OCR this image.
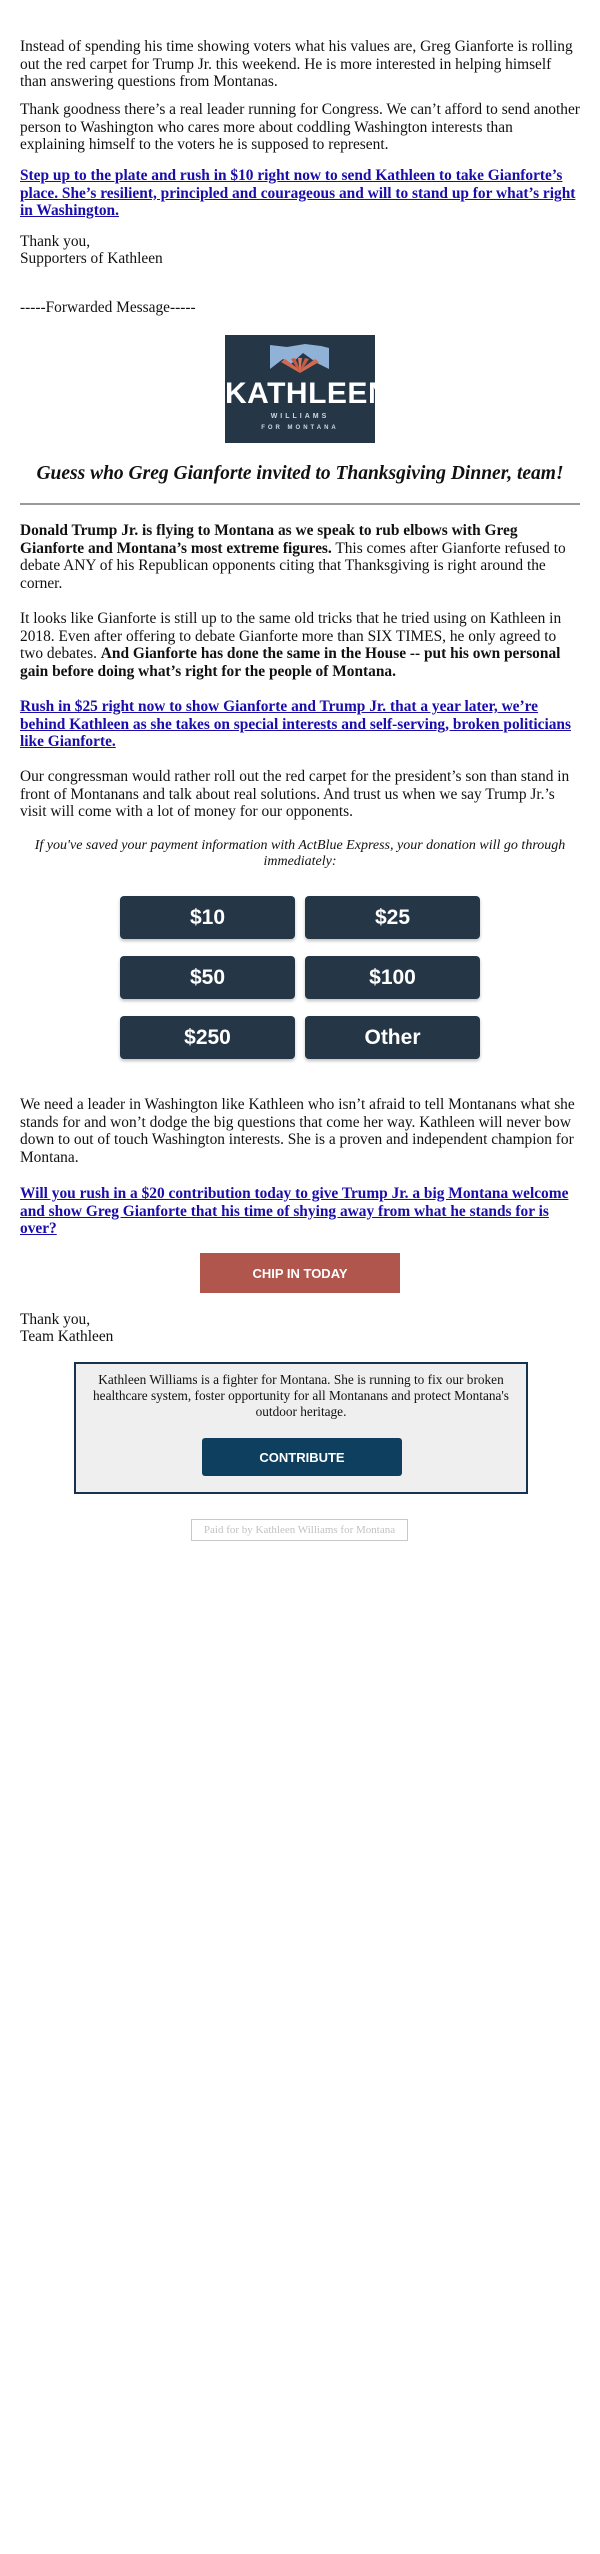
Instead of spending his time showing voters what his values are, Greg Gianforte is rolling out the red carpet for Trump Jr. this weekend. He is more interested in helping himself than answering questions from Montanas.

Thank goodness there’s a real leader running for Congress. We can’t afford to send another person to Washington who cares more about coddling Washington interests than explaining himself to the voters he is supposed to represent.

Step up to the plate and rush in $10 right now to send Kathleen to take Gianforte’s place. She’s resilient, principled and courageous and will to stand up for what’s right in Washington.

Thank you,

Supporters of Kathleen

-----Forwarded Message-----

KATHLEEN
WILLIAMS
FOR MONTANA
Guess who Greg Gianforte invited to Thanksgiving Dinner, team!

Donald Trump Jr. is flying to Montana as we speak to rub elbows with Greg Gianforte and Montana’s most extreme figures. This comes after Gianforte refused to debate ANY of his Republican opponents citing that Thanksgiving is right around the corner.

It looks like Gianforte is still up to the same old tricks that he tried using on Kathleen in 2018. Even after offering to debate Gianforte more than SIX TIMES, he only agreed to two debates. And Gianforte has done the same in the House -- put his own personal gain before doing what’s right for the people of Montana.

Rush in $25 right now to show Gianforte and Trump Jr. that a year later, we’re behind Kathleen as she takes on special interests and self-serving, broken politicians like Gianforte.

Our congressman would rather roll out the red carpet for the president’s son than stand in front of Montanans and talk about real solutions. And trust us when we say Trump Jr.’s visit will come with a lot of money for our opponents.

If you've saved your payment information with ActBlue Express, your donation will go through immediately:
$10	$25
$50	$100
$250	Other

We need a leader in Washington like Kathleen who isn’t afraid to tell Montanans what she stands for and won’t dodge the big questions that come her way. Kathleen will never bow down to out of touch Washington interests. She is a proven and independent champion for Montana.

Will you rush in a $20 contribution today to give Trump Jr. a big Montana welcome and show Greg Gianforte that his time of shying away from what he stands for is over?

Thank you,

Team Kathleen

CHIP IN TODAY
Kathleen Williams is a fighter for Montana. She is running to fix our broken healthcare system, foster opportunity for all Montanans and protect Montana's outdoor heritage.
CONTRIBUTE
Paid for by Kathleen Williams for Montana
